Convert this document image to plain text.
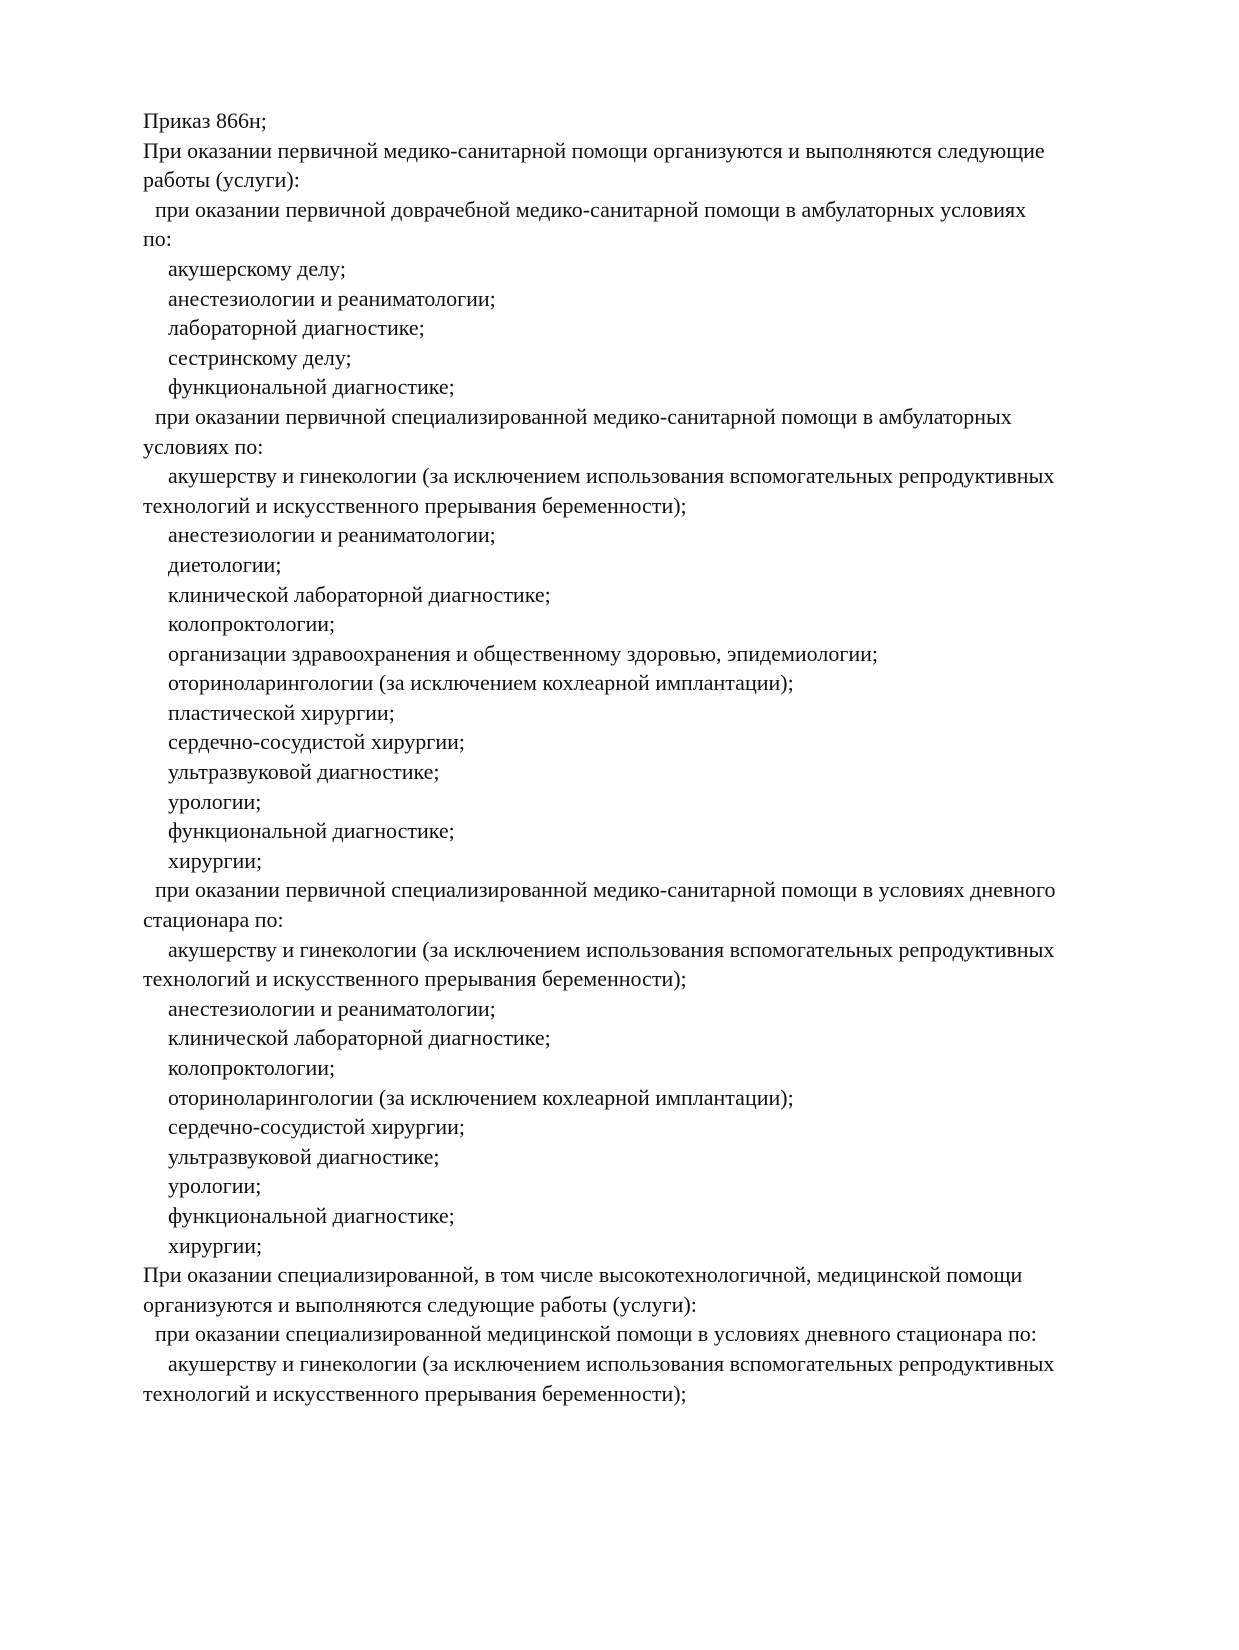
Приказ 866н;
При оказании первичной медико-санитарной помощи организуются и выполняются следующие
работы (услуги):
при оказании первичной доврачебной медико-санитарной помощи в амбулаторных условиях
по:
акушерскому делу;
анестезиологии и реаниматологии;
лабораторной диагностике;
сестринскому делу;
функциональной диагностике;
при оказании первичной специализированной медико-санитарной помощи в амбулаторных
условиях по:
акушерству и гинекологии (за исключением использования вспомогательных репродуктивных
технологий и искусственного прерывания беременности);
анестезиологии и реаниматологии;
диетологии;
клинической лабораторной диагностике;
колопроктологии;
организации здравоохранения и общественному здоровью, эпидемиологии;
оториноларингологии (за исключением кохлеарной имплантации);
пластической хирургии;
сердечно-сосудистой хирургии;
ультразвуковой диагностике;
урологии;
функциональной диагностике;
хирургии;
при оказании первичной специализированной медико-санитарной помощи в условиях дневного
стационара по:
акушерству и гинекологии (за исключением использования вспомогательных репродуктивных
технологий и искусственного прерывания беременности);
анестезиологии и реаниматологии;
клинической лабораторной диагностике;
колопроктологии;
оториноларингологии (за исключением кохлеарной имплантации);
сердечно-сосудистой хирургии;
ультразвуковой диагностике;
урологии;
функциональной диагностике;
хирургии;
При оказании специализированной, в том числе высокотехнологичной, медицинской помощи
организуются и выполняются следующие работы (услуги):
при оказании специализированной медицинской помощи в условиях дневного стационара по:
акушерству и гинекологии (за исключением использования вспомогательных репродуктивных
технологий и искусственного прерывания беременности);
